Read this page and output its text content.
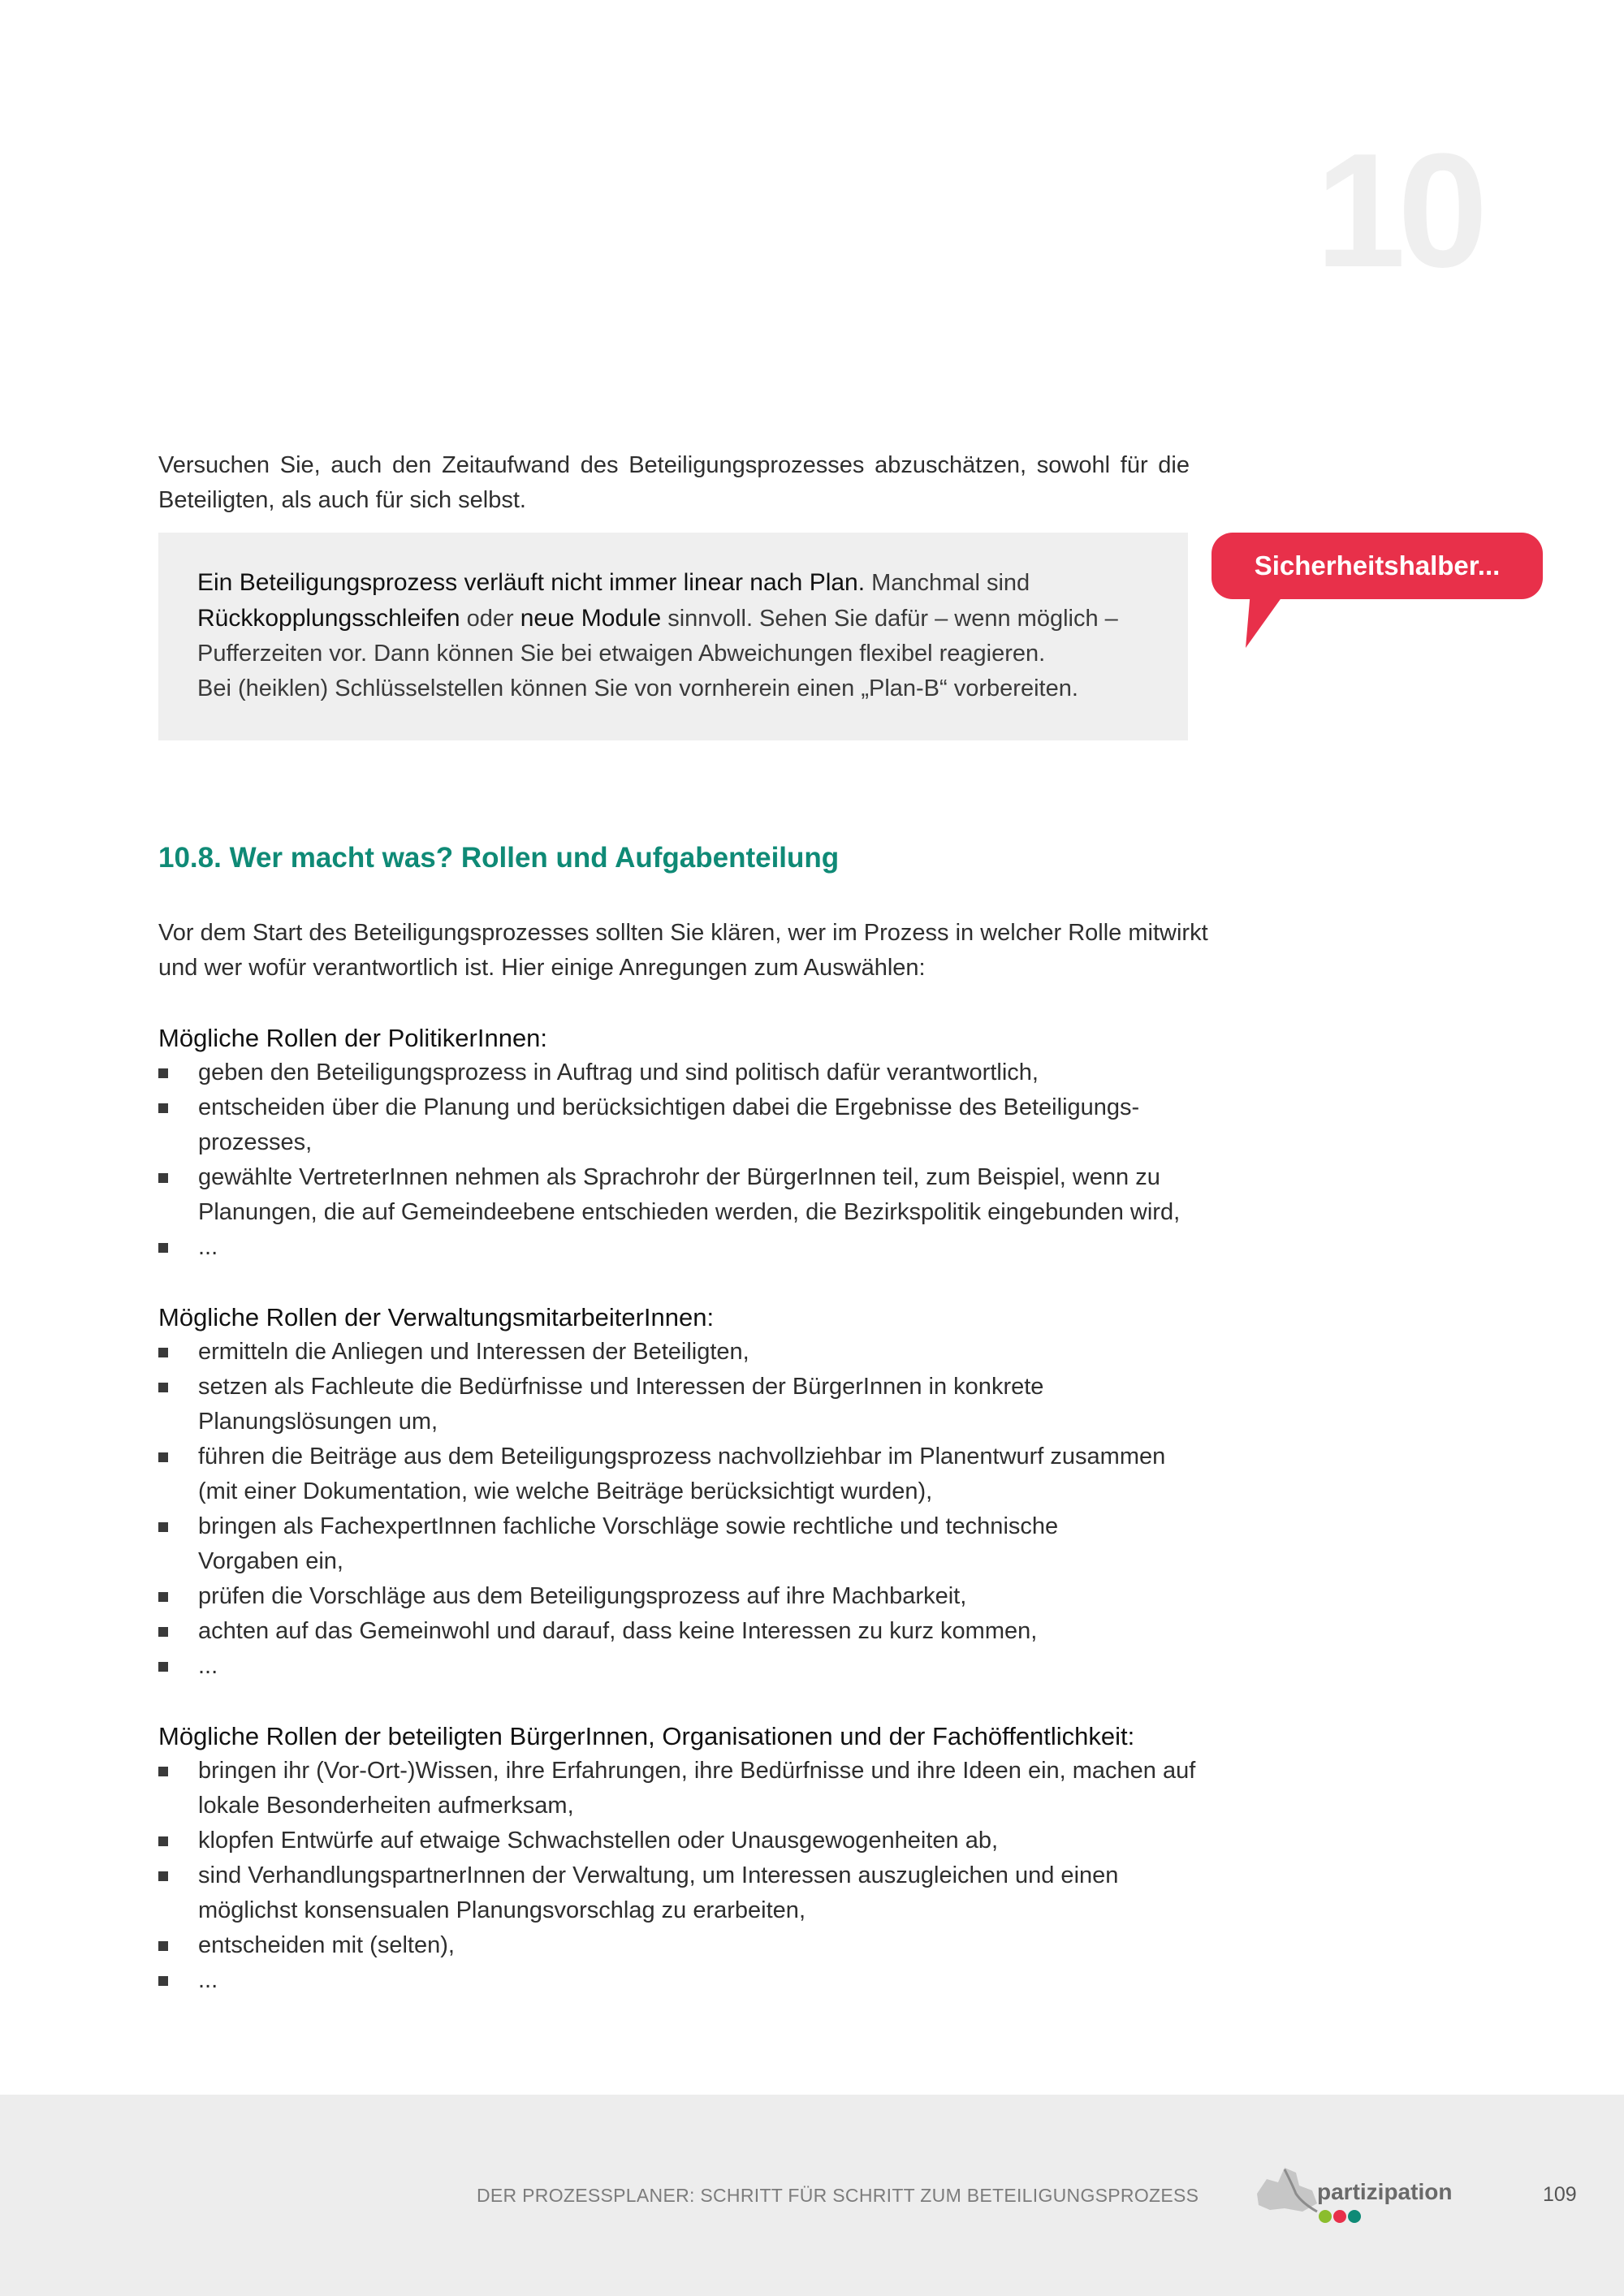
10

Versuchen Sie, auch den Zeitaufwand des Beteiligungsprozesses abzuschätzen, sowohl für die Beteiligten, als auch für sich selbst.

Ein Beteiligungsprozess verläuft nicht immer linear nach Plan. Manchmal sind

Rückkopplungsschleifen oder neue Module sinnvoll. Sehen Sie dafür – wenn möglich –

Pufferzeiten vor. Dann können Sie bei etwaigen Abweichungen flexibel reagieren.

Bei (heiklen) Schlüsselstellen können Sie von vornherein einen „Plan-B“ vorbereiten.

Sicherheitshalber...
10.8. Wer macht was? Rollen und Aufgabenteilung

Vor dem Start des Beteiligungsprozesses sollten Sie klären, wer im Prozess in welcher Rolle mitwirkt und wer wofür verantwortlich ist. Hier einige Anregungen zum Auswählen:

Mögliche Rollen der PolitikerInnen:

geben den Beteiligungsprozess in Auftrag und sind politisch dafür verantwortlich,
entscheiden über die Planung und berücksichtigen dabei die Ergebnisse des Beteiligungs-
prozesses,
gewählte VertreterInnen nehmen als Sprachrohr der BürgerInnen teil, zum Beispiel, wenn zu
Planungen, die auf Gemeindeebene entschieden werden, die Bezirkspolitik eingebunden wird,
...

Mögliche Rollen der VerwaltungsmitarbeiterInnen:

ermitteln die Anliegen und Interessen der Beteiligten,
setzen als Fachleute die Bedürfnisse und Interessen der BürgerInnen in konkrete
Planungslösungen um,
führen die Beiträge aus dem Beteiligungsprozess nachvollziehbar im Planentwurf zusammen
(mit einer Dokumentation, wie welche Beiträge berücksichtigt wurden),
bringen als FachexpertInnen fachliche Vorschläge sowie rechtliche und technische
Vorgaben ein,
prüfen die Vorschläge aus dem Beteiligungsprozess auf ihre Machbarkeit,
achten auf das Gemeinwohl und darauf, dass keine Interessen zu kurz kommen,
...

Mögliche Rollen der beteiligten BürgerInnen, Organisationen und der Fachöffentlichkeit:

bringen ihr (Vor-Ort-)Wissen, ihre Erfahrungen, ihre Bedürfnisse und ihre Ideen ein, machen auf
lokale Besonderheiten aufmerksam,
klopfen Entwürfe auf etwaige Schwachstellen oder Unausgewogenheiten ab,
sind VerhandlungspartnerInnen der Verwaltung, um Interessen auszugleichen und einen
möglichst konsensualen Planungsvorschlag zu erarbeiten,
entscheiden mit (selten),
...
DER PROZESSPLANER: SCHRITT FÜR SCHRITT ZUM BETEILIGUNGSPROZESS	partizipation	109
